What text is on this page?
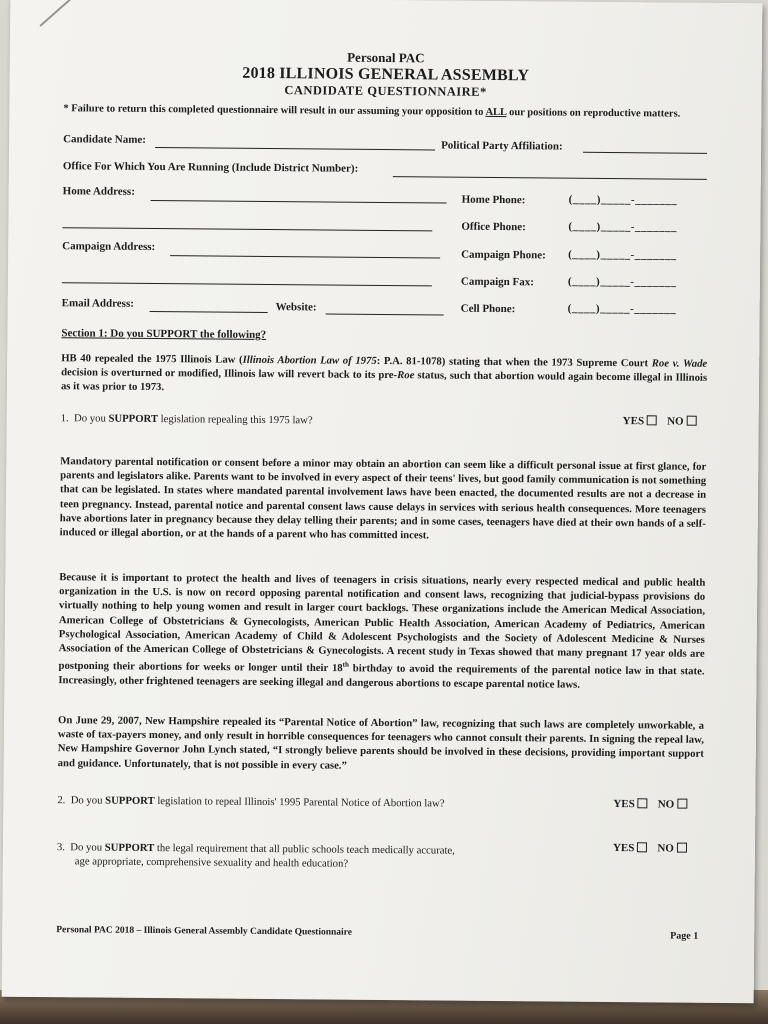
Personal PAC
2018 ILLINOIS GENERAL ASSEMBLY
CANDIDATE QUESTIONNAIRE*
* Failure to return this completed questionnaire will result in our assuming your opposition to ALL our positions on reproductive matters.
Candidate Name:	Political Party Affiliation:
Office For Which You Are Running (Include District Number):
Home Address:
Home Phone:	(____)_____-_______
Office Phone:	(____)_____-_______
Campaign Address:
Campaign Phone: (____)_____-_______
Campaign Fax:	(____)_____-_______
Email Address:	Website:	Cell Phone:	(____)_____-_______
Section 1: Do you SUPPORT the following?
HB 40 repealed the 1975 Illinois Law (Illinois Abortion Law of 1975: P.A. 81-1078) stating that when the 1973 Supreme Court Roe v. Wade decision is overturned or modified, Illinois law will revert back to its pre-Roe status, such that abortion would again become illegal in Illinois as it was prior to 1973.
1. Do you SUPPORT legislation repealing this 1975 law?	YES NO
Mandatory parental notification or consent before a minor may obtain an abortion can seem like a difficult personal issue at first glance, for parents and legislators alike. Parents want to be involved in every aspect of their teens' lives, but good family communication is not something that can be legislated. In states where mandated parental involvement laws have been enacted, the documented results are not a decrease in teen pregnancy. Instead, parental notice and parental consent laws cause delays in services with serious health consequences. More teenagers have abortions later in pregnancy because they delay telling their parents; and in some cases, teenagers have died at their own hands of a self-induced or illegal abortion, or at the hands of a parent who has committed incest.
Because it is important to protect the health and lives of teenagers in crisis situations, nearly every respected medical and public health organization in the U.S. is now on record opposing parental notification and consent laws, recognizing that judicial-bypass provisions do virtually nothing to help young women and result in larger court backlogs. These organizations include the American Medical Association, American College of Obstetricians & Gynecologists, American Public Health Association, American Academy of Pediatrics, American Psychological Association, American Academy of Child & Adolescent Psychologists and the Society of Adolescent Medicine & Nurses Association of the American College of Obstetricians & Gynecologists. A recent study in Texas showed that many pregnant 17 year olds are postponing their abortions for weeks or longer until their 18th birthday to avoid the requirements of the parental notice law in that state. Increasingly, other frightened teenagers are seeking illegal and dangerous abortions to escape parental notice laws.
On June 29, 2007, New Hampshire repealed its “Parental Notice of Abortion” law, recognizing that such laws are completely unworkable, a waste of tax-payers money, and only result in horrible consequences for teenagers who cannot consult their parents. In signing the repeal law, New Hampshire Governor John Lynch stated, “I strongly believe parents should be involved in these decisions, providing important support and guidance. Unfortunately, that is not possible in every case.”
2. Do you SUPPORT legislation to repeal Illinois' 1995 Parental Notice of Abortion law?	YES NO
3. Do you SUPPORT the legal requirement that all public schools teach medically accurate,
age appropriate, comprehensive sexuality and health education?
YES NO
Personal PAC 2018 – Illinois General Assembly Candidate Questionnaire	Page 1
